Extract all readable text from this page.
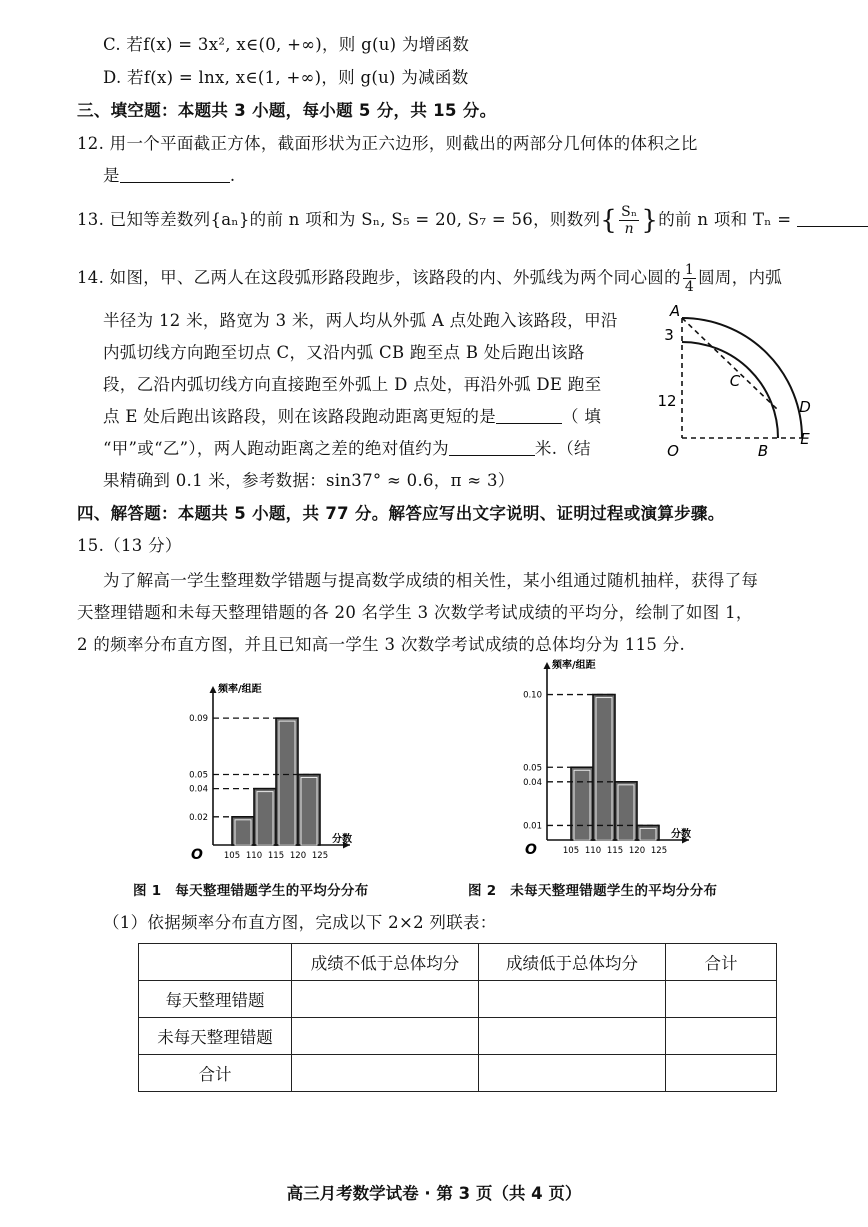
C. 若f(x) = 3x², x∈(0, +∞)，则 g(u) 为增函数
D. 若f(x) = lnx, x∈(1, +∞)，则 g(u) 为减函数
三、填空题：本题共 3 小题，每小题 5 分，共 15 分。
12. 用一个平面截正方体，截面形状为正六边形，则截出的两部分几何体的体积之比
是	.
13. 已知等差数列{aₙ}的前 n 项和为 Sₙ, S₅ = 20, S₇ = 56，则数列{ $\frac{\text{Sₙ}}{n}$ }的前 n 项和 Tₙ =
14. 如图，甲、乙两人在这段弧形路段跑步，该路段的内、外弧线为两个同心圆的 $\frac{1}{4}$ 圆周，内弧
半径为 12 米，路宽为 3 米，两人均从外弧 A 点处跑入该路段，甲沿
内弧切线方向跑至切点 C，又沿内弧 CB 跑至点 B 处后跑出该路
段，乙沿内弧切线方向直接跑至外弧上 D 点处，再沿外弧 DE 跑至
点 E 处后跑出该路段，则在该路段跑动距离更短的是	（ 填
“甲”或“乙”），两人跑动距离之差的绝对值约为	米.（结
果精确到 0.1 米，参考数据：sin37° ≈ 0.6，π ≈ 3）
A
3
C
12	D
O	B
E
四、解答题：本题共 5 小题，共 77 分。解答应写出文字说明、证明过程或演算步骤。
15.（13 分）
为了解高一学生整理数学错题与提高数学成绩的相关性，某小组通过随机抽样，获得了每
天整理错题和未每天整理错题的各 20 名学生 3 次数学考试成绩的平均分，绘制了如图 1，
2 的频率分布直方图，并且已知高一学生 3 次数学考试成绩的总体均分为 115 分.
频率/组距
分数
O
0.02
0.04
0.05
0.09
105 110 115 120 125
频率/组距
分数
O
0.01
0.04
0.05
0.10
105 110 115 120 125
图 1　每天整理错题学生的平均分分布	图 2　未每天整理错题学生的平均分分布
（1）依据频率分布直方图，完成以下 2×2 列联表：
	成绩不低于总体均分	成绩低于总体均分	合计
每天整理错题			
未每天整理错题			
合计			
高三月考数学试卷 · 第 3 页（共 4 页）
